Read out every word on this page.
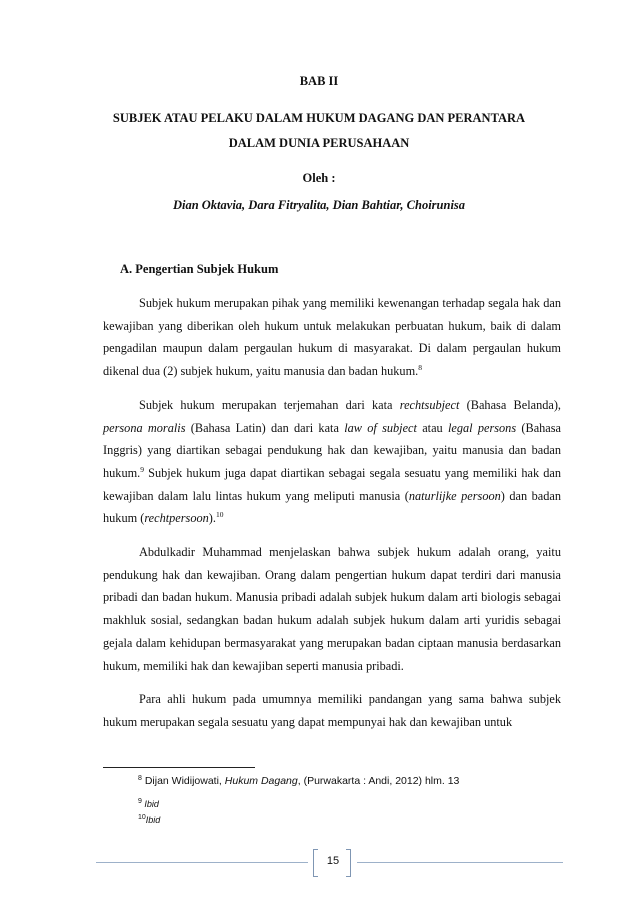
BAB II
SUBJEK ATAU PELAKU DALAM HUKUM DAGANG DAN PERANTARA
DALAM DUNIA PERUSAHAAN
Oleh :
Dian Oktavia, Dara Fitryalita, Dian Bahtiar, Choirunisa
A. Pengertian Subjek Hukum

Subjek hukum merupakan pihak yang memiliki kewenangan terhadap segala hak dan kewajiban yang diberikan oleh hukum untuk melakukan perbuatan hukum, baik di dalam pengadilan maupun dalam pergaulan hukum di masyarakat. Di dalam pergaulan hukum dikenal dua (2) subjek hukum, yaitu manusia dan badan hukum.$^8$

Subjek hukum merupakan terjemahan dari kata rechtsubject (Bahasa Belanda), persona moralis (Bahasa Latin) dan dari kata law of subject atau legal persons (Bahasa Inggris) yang diartikan sebagai pendukung hak dan kewajiban, yaitu manusia dan badan hukum.$^9$ Subjek hukum juga dapat diartikan sebagai segala sesuatu yang memiliki hak dan kewajiban dalam lalu lintas hukum yang meliputi manusia (naturlijke persoon) dan badan hukum (rechtpersoon).$^{10}$

Abdulkadir Muhammad menjelaskan bahwa subjek hukum adalah orang, yaitu pendukung hak dan kewajiban. Orang dalam pengertian hukum dapat terdiri dari manusia pribadi dan badan hukum. Manusia pribadi adalah subjek hukum dalam arti biologis sebagai makhluk sosial, sedangkan badan hukum adalah subjek hukum dalam arti yuridis sebagai gejala dalam kehidupan bermasyarakat yang merupakan badan ciptaan manusia berdasarkan hukum, memiliki hak dan kewajiban seperti manusia pribadi.

Para ahli hukum pada umumnya memiliki pandangan yang sama bahwa subjek hukum merupakan segala sesuatu yang dapat mempunyai hak dan kewajiban untuk

$^8$ Dijan Widijowati, Hukum Dagang, (Purwakarta : Andi, 2012) hlm. 13
$^9$ Ibid
$^{10}$Ibid
15
